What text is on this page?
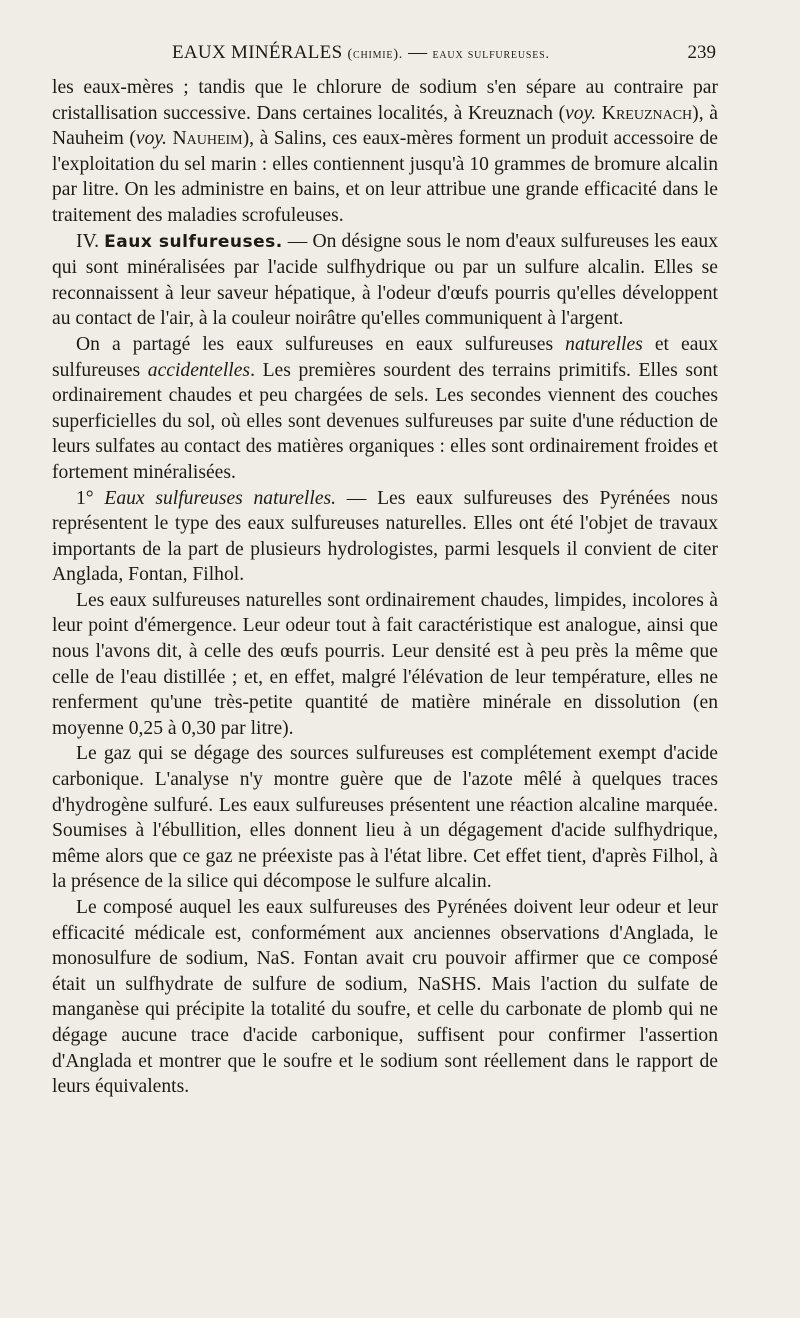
EAUX MINÉRALES (chimie). — eaux sulfureuses.	239

les eaux-mères ; tandis que le chlorure de sodium s'en sépare au contraire par cristallisation successive. Dans certaines localités, à Kreuznach (voy. Kreuznach), à Nauheim (voy. Nauheim), à Salins, ces eaux-mères forment un produit accessoire de l'exploitation du sel marin : elles contiennent jusqu'à 10 grammes de bromure alcalin par litre. On les administre en bains, et on leur attribue une grande efficacité dans le traitement des maladies scrofuleuses.

IV. Eaux sulfureuses. — On désigne sous le nom d'eaux sulfureuses les eaux qui sont minéralisées par l'acide sulfhydrique ou par un sulfure alcalin. Elles se reconnaissent à leur saveur hépatique, à l'odeur d'œufs pourris qu'elles développent au contact de l'air, à la couleur noirâtre qu'elles communiquent à l'argent.

On a partagé les eaux sulfureuses en eaux sulfureuses naturelles et eaux sulfureuses accidentelles. Les premières sourdent des terrains primitifs. Elles sont ordinairement chaudes et peu chargées de sels. Les secondes viennent des couches superficielles du sol, où elles sont devenues sulfureuses par suite d'une réduction de leurs sulfates au contact des matières organiques : elles sont ordinairement froides et fortement minéralisées.

1° Eaux sulfureuses naturelles. — Les eaux sulfureuses des Pyrénées nous représentent le type des eaux sulfureuses naturelles. Elles ont été l'objet de travaux importants de la part de plusieurs hydrologistes, parmi lesquels il convient de citer Anglada, Fontan, Filhol.

Les eaux sulfureuses naturelles sont ordinairement chaudes, limpides, incolores à leur point d'émergence. Leur odeur tout à fait caractéristique est analogue, ainsi que nous l'avons dit, à celle des œufs pourris. Leur densité est à peu près la même que celle de l'eau distillée ; et, en effet, malgré l'élévation de leur température, elles ne renferment qu'une très-petite quantité de matière minérale en dissolution (en moyenne 0,25 à 0,30 par litre).

Le gaz qui se dégage des sources sulfureuses est complétement exempt d'acide carbonique. L'analyse n'y montre guère que de l'azote mêlé à quelques traces d'hydrogène sulfuré. Les eaux sulfureuses présentent une réaction alcaline marquée. Soumises à l'ébullition, elles donnent lieu à un dégagement d'acide sulfhydrique, même alors que ce gaz ne préexiste pas à l'état libre. Cet effet tient, d'après Filhol, à la présence de la silice qui décompose le sulfure alcalin.

Le composé auquel les eaux sulfureuses des Pyrénées doivent leur odeur et leur efficacité médicale est, conformément aux anciennes observations d'Anglada, le monosulfure de sodium, NaS. Fontan avait cru pouvoir affirmer que ce composé était un sulfhydrate de sulfure de sodium, NaSHS. Mais l'action du sulfate de manganèse qui précipite la totalité du soufre, et celle du carbonate de plomb qui ne dégage aucune trace d'acide carbonique, suffisent pour confirmer l'assertion d'Anglada et montrer que le soufre et le sodium sont réellement dans le rapport de leurs équivalents.
